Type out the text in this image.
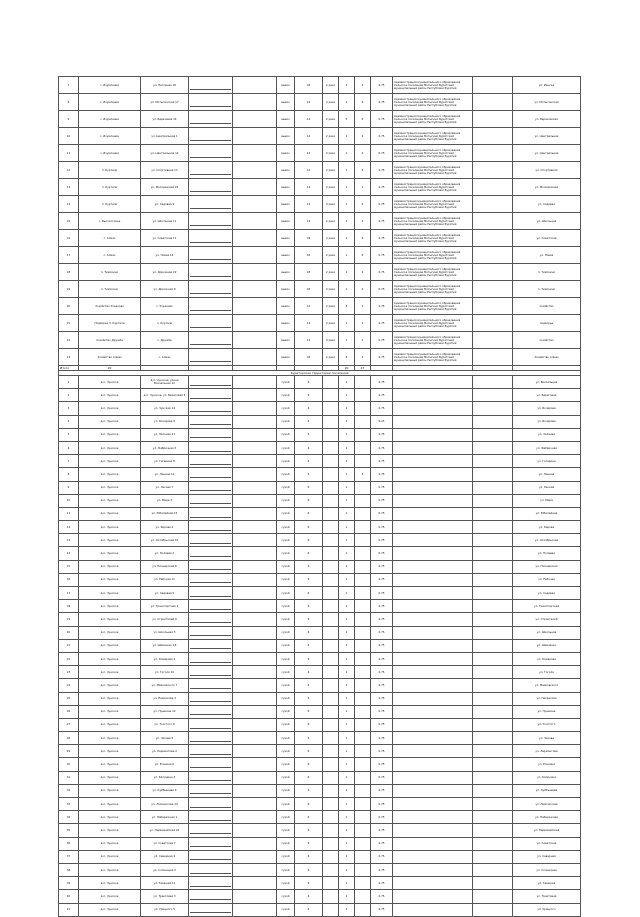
7	с. Изумление	ул. Нагорная 18			вывоз	18	2 раза	1	2	0,75	Администрация муниципального образования Сельское поселение Мотыгино Бурятский муниципальный район Республики Бурятия		ул. Изыска
8	с. Изумление	ул. Мотыгинская 17			вывоз	14	2 раза	1	6	0,75	Администрация муниципального образования Сельское поселение Мотыгино Бурятский муниципальный район Республики Бурятия		ул. Мотыгинская
9	с. Изумление	ул. Березовая 14			вывоз	14	2 раза	5	6	0,75	Администрация муниципального образования Сельское поселение Мотыгино Бурятский муниципальный район Республики Бурятия		ул. Березовская
10	с. Изумление	ул. Центральная 1			вывоз	14	2 раза	1	2	0,75	Администрация муниципального образования Сельское поселение Мотыгино Бурятский муниципальный район Республики Бурятия		ул. Центральная
11	с. Изумление	ул. Центральная 12			вывоз	14	2 раза	1	2	0,75	Администрация муниципального образования Сельское поселение Мотыгино Бурятский муниципальный район Республики Бурятия		ул. Центральная
12	п. Куртали	ул. Спортивная 13			вывоз	14	2 раза	1	6	0,75	Администрация муниципального образования Сельское поселение Мотыгино Бурятский муниципальный район Республики Бурятия		ул. Спортивная
13	п. Куртали	ул. Молодежная 24			вывоз	14	2 раза	1	1	0,75	Администрация муниципального образования Сельское поселение Мотыгино Бурятский муниципальный район Республики Бурятия		ул. Молодежная
14	п. Куртали	ул. Садовая 9			вывоз	14	2 раза	1	6	0,75	Администрация муниципального образования Сельское поселение Мотыгино Бурятский муниципальный район Республики Бурятия		ул. Садовая
15	с. Высокогорье	ул. Школьная 11			вывоз	14	2 раза	1	2	0,75	Администрация муниципального образования Сельское поселение Мотыгино Бурятский муниципальный район Республики Бурятия		ул. Школьная
16	с. Алмаз	ул. Советская 11			вывоз	18	2 раза	1	6	0,75	Администрация муниципального образования Сельское поселение Мотыгино Бурятский муниципальный район Республики Бурятия		ул. Советская
17	с. Алмаз	ул. Новая 14			вывоз	18	2 раза	1	6	0,75	Администрация муниципального образования Сельское поселение Мотыгино Бурятский муниципальный район Республики Бурятия		ул. Новая
18	п. Тимохино	ул. Дорожная 22			вывоз	18	2 раза	1	2	0,75	Администрация муниципального образования Сельское поселение Мотыгино Бурятский муниципальный район Республики Бурятия		п. Тимохино
19	п. Тимохино	ул. Дорожная 9			вывоз	18	2 раза	1	2	0,75	Администрация муниципального образования Сельское поселение Мотыгино Бурятский муниципальный район Республики Бурятия		п. Тимохино
20	Хозяйство Ульяново	с. Ульяново			вывоз	14	2 раза	8	2	0,75	Администрация муниципального образования Сельское поселение Мотыгино Бурятский муниципальный район Республики Бурятия		хозяйство
21	Подворье п. Куртали	п. Куртали			вывоз	14	2 раза	1	2	0,75	Администрация муниципального образования Сельское поселение Мотыгино Бурятский муниципальный район Республики Бурятия		подворье
22	Хозяйство Дружба	с. Дружба			вывоз	14	2 раза	1	2	0,75	Администрация муниципального образования Сельское поселение Мотыгино Бурятский муниципальный район Республики Бурятия		хозяйство
23	Хозяйство Алмаз	с. Алмаз			вывоз	18	2 раза	8	2	0,75	Администрация муниципального образования Сельское поселение Мотыгино Бурятский муниципальный район Республики Бурятия		Хозяйство Алмаз
Итого	20							20	47				
Кураторские территории поселения													
1	д.п. Чунское	д.п. Чунское, улица Вокзальная 12			сухой	6		1		0,75			ул. Вокзальная
2	д.п. Чунское	д.п. Чунское, ул. Береговая 5			сухой	6		1		0,75			ул. Береговая
3	д.п. Чунское	ул. Чунская 14			сухой	6		1		0,75			ул. Бочарова
4	д.п. Чунское	ул. Бочарова 9			сухой	6		1		0,15			ул. Бочарова
5	д.п. Чунское	ул. Зеленая 21			сухой	6		1		0,75			ул. Зеленая
6	д.п. Чунское	ул. Фабричная 3			сухой	6		1		0,75			ул. Фабричная
7	д.п. Чунское	ул. Гагарина 8			сухой	6		1		0,75			ул. Гагарина
8	д.п. Чунское	ул. Ленина 12			сухой	6		1	4	0,75			ул. Ленина
9	д.п. Чунское	ул. Лесная 7			сухой	6		1		0,75			ул. Лесная
10	д.п. Чунское	ул. Мира 3			сухой	6		1		0,75			ул. Мира
11	д.п. Чунское	ул. Юбилейная 15			сухой	6		1		0,75			ул. Юбилейная
12	д.п. Чунское	ул. Кирова 4			сухой	6		1		0,75			ул. Кирова
13	д.п. Чунское	ул. Октябрьская 10			сухой	6		1		0,75			ул. Октябрьская
14	д.п. Чунское	ул. Полевая 2			сухой	6		1		0,75			ул. Полевая
15	д.п. Чунское	ул. Пионерская 6			сухой	6		1		0,75			ул. Пионерская
16	д.п. Чунское	ул. Рабочая 11			сухой	6		1		0,75			ул. Рабочая
17	д.п. Чунское	ул. Садовая 5			сухой	6		1		0,75			ул. Садовая
18	д.п. Чунское	ул. Транспортная 1			сухой	6		1		0,75			ул. Транспортная
19	д.п. Чунское	ул. Строителей 9			сухой	6		1		0,75			ул. Строителей
20	д.п. Чунское	ул. Школьная 3			сухой	6		1		0,75			ул. Школьная
21	д.п. Чунское	ул. Шевченко 18			сухой	6		1		0,75			ул. Шевченко
22	д.п. Чунское	ул. Комарова 2			сухой	6		1		0,75			ул. Комарова
23	д.п. Чунское	ул. Гоголя 10			сухой	6		1		0,75			ул. Гоголя
24	д.п. Чунское	ул. Маяковского 7			сухой	6		1		0,75			ул. Маяковского
25	д.п. Чунское	ул. Некрасова 4			сухой	6		1		0,75			ул. Некрасова
26	д.п. Чунское	ул. Пушкина 12			сухой	6		1		0,75			ул. Пушкина
27	д.п. Чунское	ул. Толстого 8			сухой	6		1		0,75			ул. Толстого
28	д.п. Чунское	ул. Чехова 5			сухой	6		1		0,75			ул. Чехова
29	д.п. Чунское	ул. Лермонтова 2			сухой	6		1		0,75			ул. Лермонтова
30	д.п. Чунское	ул. Есенина 6			сухой	6		1		0,75			ул. Есенина
31	д.п. Чунское	ул. Калинина 3			сухой	6		1		0,75			ул. Калинина
32	д.п. Чунское	ул. Куйбышева 9			сухой	6		1		0,75			ул. Куйбышева
33	д.п. Чунское	ул. Ломоносова 14			сухой	6		1		0,75			ул. Ломоносова
34	д.п. Чунское	ул. Набережная 1			сухой	6		1		0,75			ул. Набережная
35	д.п. Чунское	ул. Первомайская 20			сухой	6		1		0,75			ул. Первомайская
36	д.п. Чунское	ул. Советская 7			сухой	6		1		0,75			ул. Советская
37	д.п. Чунское	ул. Северная 4			сухой	6		1		0,75			ул. Северная
38	д.п. Чунское	ул. Солнечная 2			сухой	6		1		0,75			ул. Солнечная
39	д.п. Чунское	ул. Таежная 11			сухой	6		1		0,75			ул. Таежная
40	д.п. Чунское	ул. Трактовая 3			сухой	6		1		0,75			ул. Трактовая
41	д.п. Чунское	ул. Урицкого 5			сухой	6		1		0,75			ул. Урицкого
